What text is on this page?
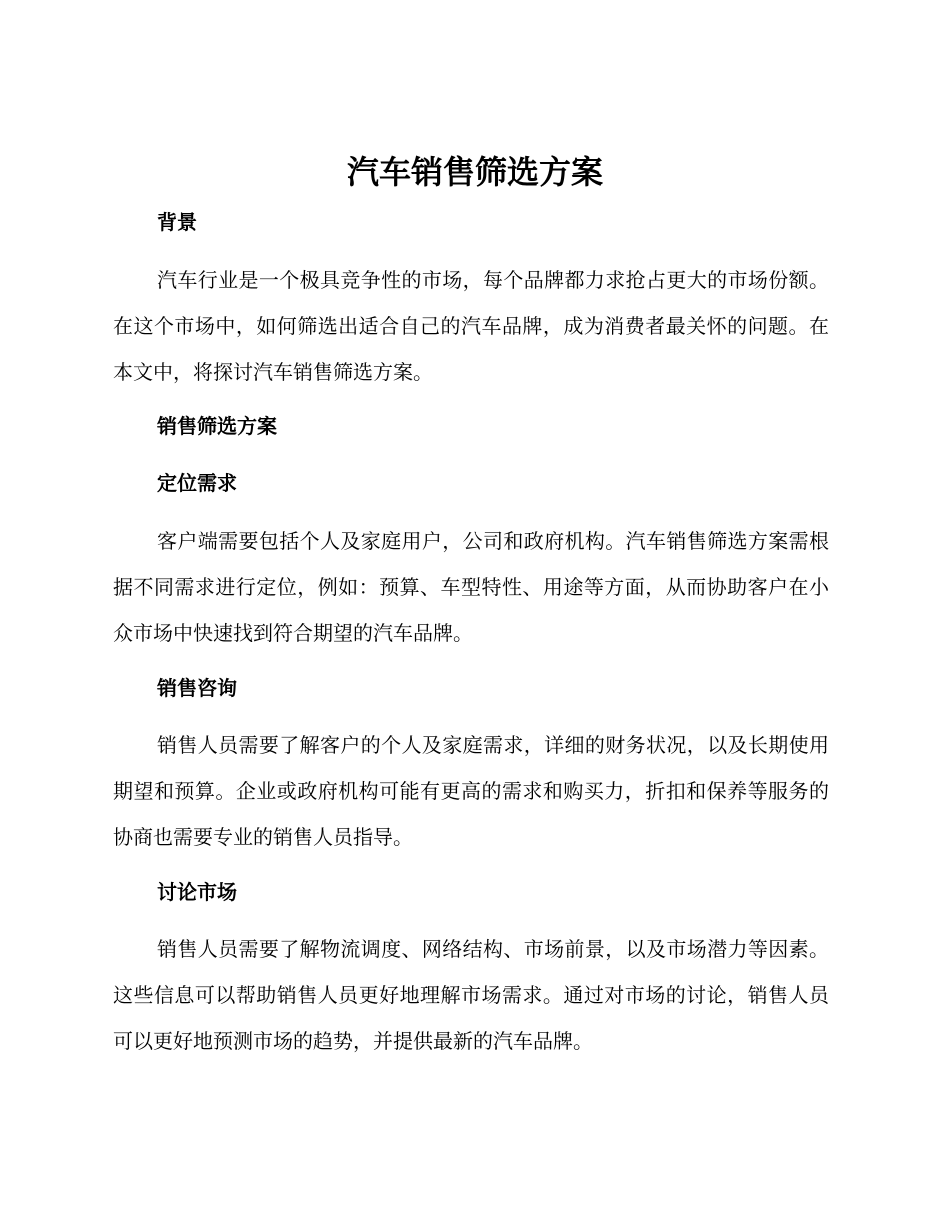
汽车销售筛选方案
背景

汽车行业是一个极具竞争性的市场，每个品牌都力求抢占更大的市场份额。在这个市场中，如何筛选出适合自己的汽车品牌，成为消费者最关怀的问题。在本文中，将探讨汽车销售筛选方案。

销售筛选方案
定位需求

客户端需要包括个人及家庭用户，公司和政府机构。汽车销售筛选方案需根据不同需求进行定位，例如：预算、车型特性、用途等方面，从而协助客户在小众市场中快速找到符合期望的汽车品牌。

销售咨询

销售人员需要了解客户的个人及家庭需求，详细的财务状况，以及长期使用期望和预算。企业或政府机构可能有更高的需求和购买力，折扣和保养等服务的协商也需要专业的销售人员指导。

讨论市场

销售人员需要了解物流调度、网络结构、市场前景，以及市场潜力等因素。这些信息可以帮助销售人员更好地理解市场需求。通过对市场的讨论，销售人员可以更好地预测市场的趋势，并提供最新的汽车品牌。
